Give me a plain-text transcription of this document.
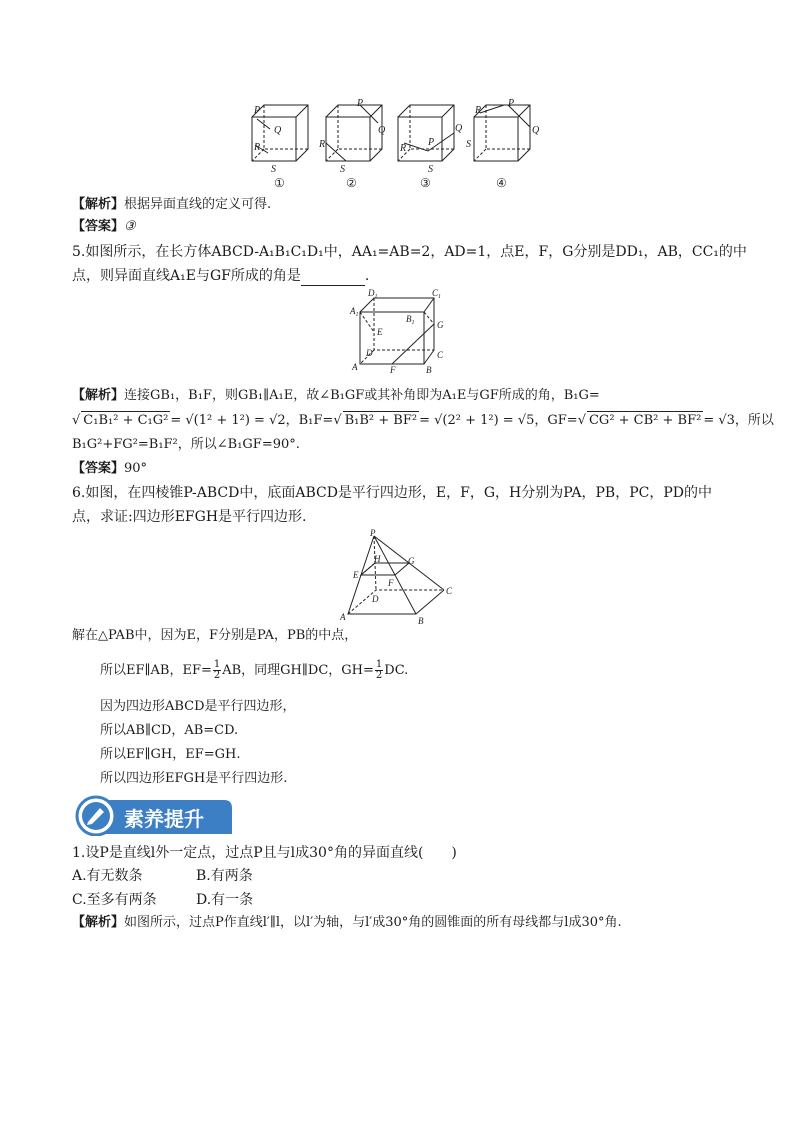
P
Q
R
S
P
Q
R
S
Q
P
R
S
R
P
Q
S
①	②	③	④
【解析】根据异面直线的定义可得.
【答案】③
5.如图所示，在长方体ABCD-A₁B₁C₁D₁中，AA₁=AB=2，AD=1，点E，F，G分别是DD₁，AB，CC₁的中
点，则异面直线A₁E与GF所成的角是	.
$D_1$	$C_1$
$A_1$	$B_1$
E
G
D	C
A	F	B
【解析】连接GB₁，B₁F，则GB₁∥A₁E，故∠B₁GF或其补角即为A₁E与GF所成的角，B₁G=
√ C₁B₁² + C₁G² = √(1² + 1²) = √2，B₁F=√ B₁B² + BF² = √(2² + 1²) = √5，GF=√ CG² + CB² + BF² = √3，所以
B₁G²+FG²=B₁F²，所以∠B₁GF=90°.
【答案】90°
6.如图，在四棱锥P-ABCD中，底面ABCD是平行四边形，E，F，G，H分别为PA，PB，PC，PD的中
点，求证:四边形EFGH是平行四边形.
P
H	G
E
F
C
D
A	B
解在△PAB中，因为E，F分别是PA，PB的中点，
所以EF∥AB，$EF= \frac{1}{2}$ AB，同理GH∥DC，$GH= \frac{1}{2}$ DC.
因为四边形ABCD是平行四边形，
所以AB∥CD，AB=CD.
所以EF∥GH，EF=GH.
所以四边形EFGH是平行四边形.
素养提升
1.设P是直线l外一定点，过点P且与l成30°角的异面直线(　　)
A.有无数条	B.有两条
C.至多有两条	D.有一条
【解析】如图所示，过点P作直线l′∥l，以l′为轴，与l′成30°角的圆锥面的所有母线都与l成30°角.
